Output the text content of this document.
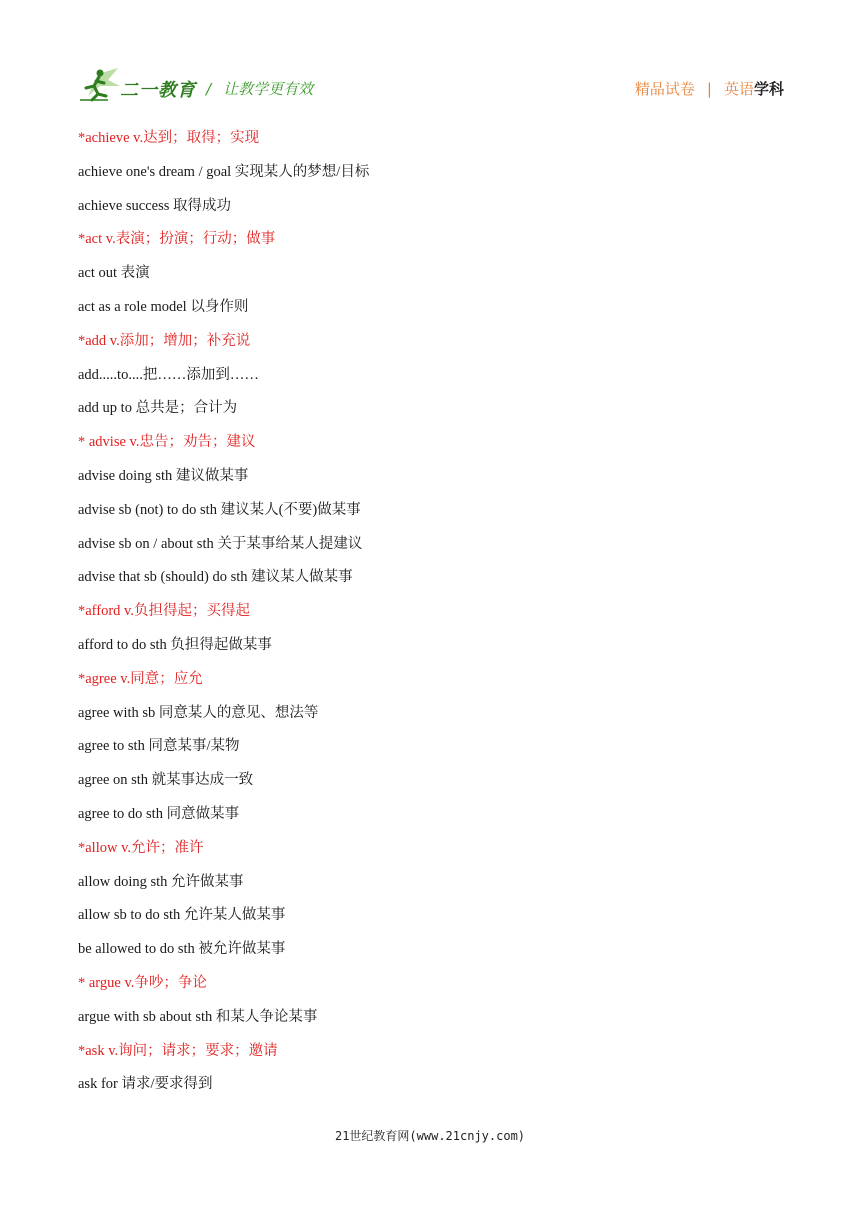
二一教育 / 让教学更有效	精品试卷 | 英语学科
*achieve v.达到；取得；实现
achieve one's dream / goal 实现某人的梦想/目标
achieve success 取得成功
*act v.表演；扮演；行动；做事
act out 表演
act as a role model 以身作则
*add v.添加；增加；补充说
add.....to....把……添加到……
add up to 总共是；合计为
* advise v.忠告；劝告；建议
advise doing sth 建议做某事
advise sb (not) to do sth 建议某人(不要)做某事
advise sb on / about sth 关于某事给某人提建议
advise that sb (should) do sth 建议某人做某事
*afford v.负担得起；买得起
afford to do sth 负担得起做某事
*agree v.同意；应允
agree with sb 同意某人的意见、想法等
agree to sth 同意某事/某物
agree on sth 就某事达成一致
agree to do sth 同意做某事
*allow v.允许；准许
allow doing sth 允许做某事
allow sb to do sth 允许某人做某事
be allowed to do sth 被允许做某事
* argue v.争吵；争论
argue with sb about sth 和某人争论某事
*ask v.询问；请求；要求；邀请
ask for 请求/要求得到
21世纪教育网(www.21cnjy.com)
